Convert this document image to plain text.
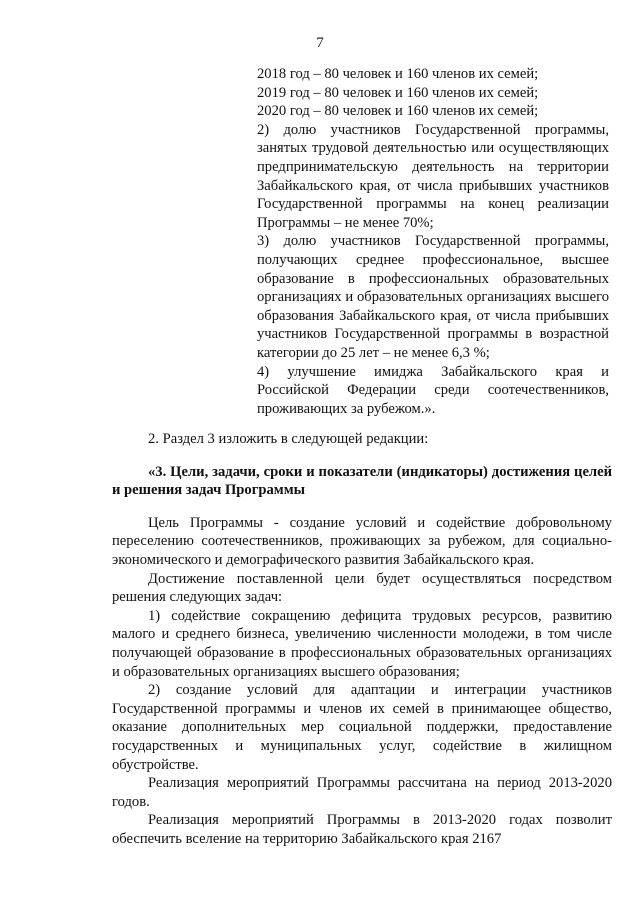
7

2018 год – 80 человек и 160 членов их семей;

2019 год – 80 человек и 160 членов их семей;

2020 год – 80 человек и 160 членов их семей;

2) долю участников Государственной программы, занятых трудовой деятельностью или осуществляющих предпринимательскую деятельность на территории Забайкальского края, от числа прибывших участников Государственной программы на конец реализации Программы – не менее 70%;

3) долю участников Государственной программы, получающих среднее профессиональное, высшее образование в профессиональных образовательных организациях и образовательных организациях высшего образования Забайкальского края, от числа прибывших участников Государственной программы в возрастной категории до 25 лет – не менее 6,3 %;

4) улучшение имиджа Забайкальского края и Российской Федерации среди соотечественников, проживающих за рубежом.».

2. Раздел 3 изложить в следующей редакции:

«3. Цели, задачи, сроки и показатели (индикаторы) достижения целей и решения задач Программы

Цель Программы - создание условий и содействие добровольному переселению соотечественников, проживающих за рубежом, для социально-экономического и демографического развития Забайкальского края.

Достижение поставленной цели будет осуществляться посредством решения следующих задач:

1) содействие сокращению дефицита трудовых ресурсов, развитию малого и среднего бизнеса, увеличению численности молодежи, в том числе получающей образование в профессиональных образовательных организациях и образовательных организациях высшего образования;

2) создание условий для адаптации и интеграции участников Государственной программы и членов их семей в принимающее общество, оказание дополнительных мер социальной поддержки, предоставление государственных и муниципальных услуг, содействие в жилищном обустройстве.

Реализация мероприятий Программы рассчитана на период 2013-2020 годов.

Реализация мероприятий Программы в 2013-2020 годах позволит обеспечить вселение на территорию Забайкальского края 2167
